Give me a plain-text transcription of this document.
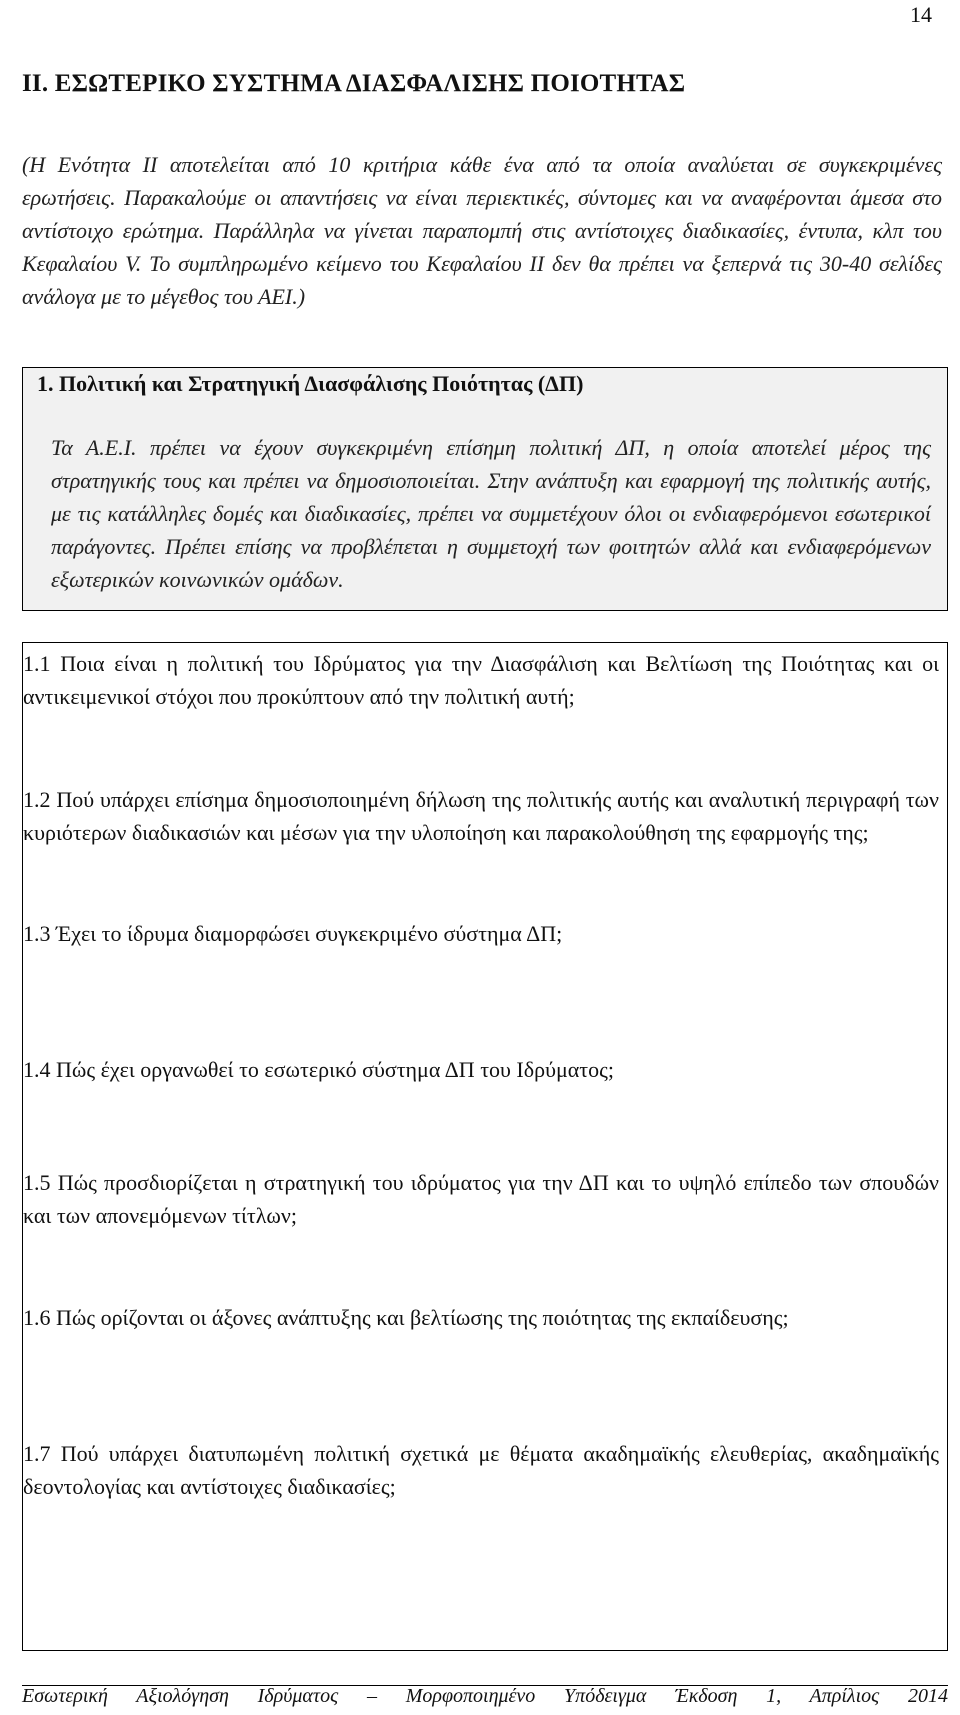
14
II. ΕΣΩΤΕΡΙΚΟ ΣΥΣΤΗΜΑ ΔΙΑΣΦΑΛΙΣΗΣ ΠΟΙΟΤΗΤΑΣ

(Η Ενότητα ΙΙ αποτελείται από 10 κριτήρια κάθε ένα από τα οποία αναλύεται σε συγκεκριμένες ερωτήσεις. Παρακαλούμε οι απαντήσεις να είναι περιεκτικές, σύντομες και να αναφέρονται άμεσα στο αντίστοιχο ερώτημα. Παράλληλα να γίνεται παραπομπή στις αντίστοιχες διαδικασίες, έντυπα, κλπ του Κεφαλαίου V. Το συμπληρωμένο κείμενο του Κεφαλαίου ΙΙ δεν θα πρέπει να ξεπερνά τις 30-40 σελίδες ανάλογα με το μέγεθος του ΑΕΙ.)

1. Πολιτική και Στρατηγική Διασφάλισης Ποιότητας (ΔΠ)

Τα Α.Ε.Ι. πρέπει να έχουν συγκεκριμένη επίσημη πολιτική ΔΠ, η οποία αποτελεί μέρος της στρατηγικής τους και πρέπει να δημοσιοποιείται. Στην ανάπτυξη και εφαρμογή της πολιτικής αυτής, με τις κατάλληλες δομές και διαδικασίες, πρέπει να συμμετέχουν όλοι οι ενδιαφερόμενοι εσωτερικοί παράγοντες. Πρέπει επίσης να προβλέπεται η συμμετοχή των φοιτητών αλλά και ενδιαφερόμενων εξωτερικών κοινωνικών ομάδων.

1.1 Ποια είναι η πολιτική του Ιδρύματος για την Διασφάλιση και Βελτίωση της Ποιότητας και οι αντικειμενικοί στόχοι που προκύπτουν από την πολιτική αυτή;

1.2 Πού υπάρχει επίσημα δημοσιοποιημένη δήλωση της πολιτικής αυτής και αναλυτική περιγραφή των κυριότερων διαδικασιών και μέσων για την υλοποίηση και παρακολούθηση της εφαρμογής της;

1.3 Έχει το ίδρυμα διαμορφώσει συγκεκριμένο σύστημα ΔΠ;

1.4 Πώς έχει οργανωθεί το εσωτερικό σύστημα ΔΠ του Ιδρύματος;

1.5 Πώς προσδιορίζεται η στρατηγική του ιδρύματος για την ΔΠ και το υψηλό επίπεδο των σπουδών και των απονεμόμενων τίτλων;

1.6 Πώς ορίζονται οι άξονες ανάπτυξης και βελτίωσης της ποιότητας της εκπαίδευσης;

1.7 Πού υπάρχει διατυπωμένη πολιτική σχετικά με θέματα ακαδημαϊκής ελευθερίας, ακαδημαϊκής δεοντολογίας και αντίστοιχες διαδικασίες;

Εσωτερική Αξιολόγηση Ιδρύματος – Μορφοποιημένο Υπόδειγμα Έκδοση 1, Απρίλιος 2014
